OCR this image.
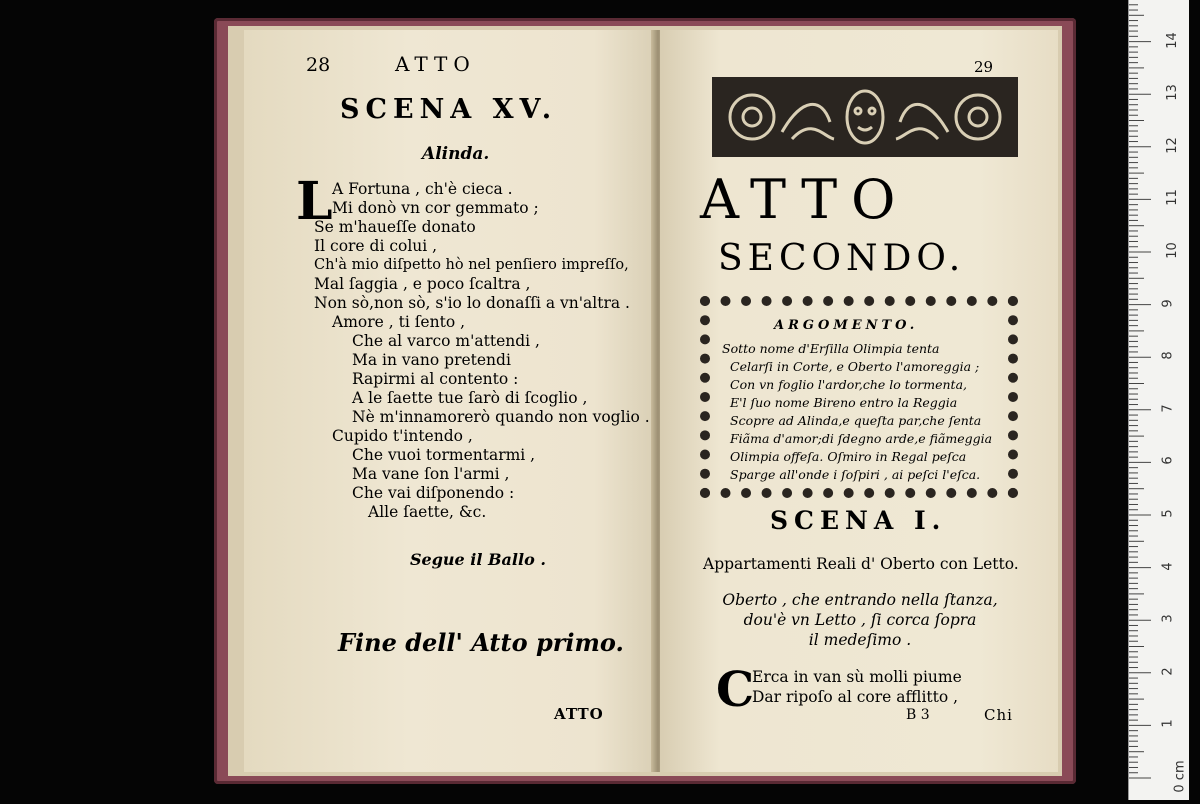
28	ATTO
SCENA XV.
Alinda.
L A Fortuna , ch'è cieca .
Mi donò vn cor gemmato ;
Se m'haueſſe donato
Il core di colui ,
Ch'à mio diſpetto hò nel penſiero impreſſo,
Mal ſaggia , e poco ſcaltra ,
Non sò,non sò, s'io lo donaſſi a vn'altra .
Amore , ti ſento ,
Che al varco m'attendi ,
Ma in vano pretendi
Rapirmi al contento :
A le ſaette tue ſarò di ſcoglio ,
Nè m'innamorerò quando non voglio .
Cupido t'intendo ,
Che vuoi tormentarmi ,
Ma vane ſon l'armi ,
Che vai diſponendo :
Alle ſaette, &c.
Segue il Ballo .
Fine dell' Atto primo.
ATTO
29
ATTO
SECONDO.
ARGOMENTO.
Sotto nome d'Erſilla Olimpia tenta
Celarſi in Corte, e Oberto l'amoreggia ;
Con vn foglio l'ardor,che lo tormenta,
E'l ſuo nome Bireno entro la Reggia
Scopre ad Alinda,e queſta par,che ſenta
Fiãma d'amor;di ſdegno arde,e fiãmeggia
Olimpia offeſa. Oſmiro in Regal peſca
Sparge all'onde i ſoſpiri , ai peſci l'eſca.
SCENA I.
Appartamenti Reali d' Oberto con Letto.
Oberto , che entrando nella ſtanza,
dou'è vn Letto , ſi corca ſopra
il medeſimo .
C
Erca in van sù molli piume
Dar ripoſo al core afflitto ,
B 3	Chi
0 cm
1
2
3
4
5
6
7
8
9
10
11
12
13
14
